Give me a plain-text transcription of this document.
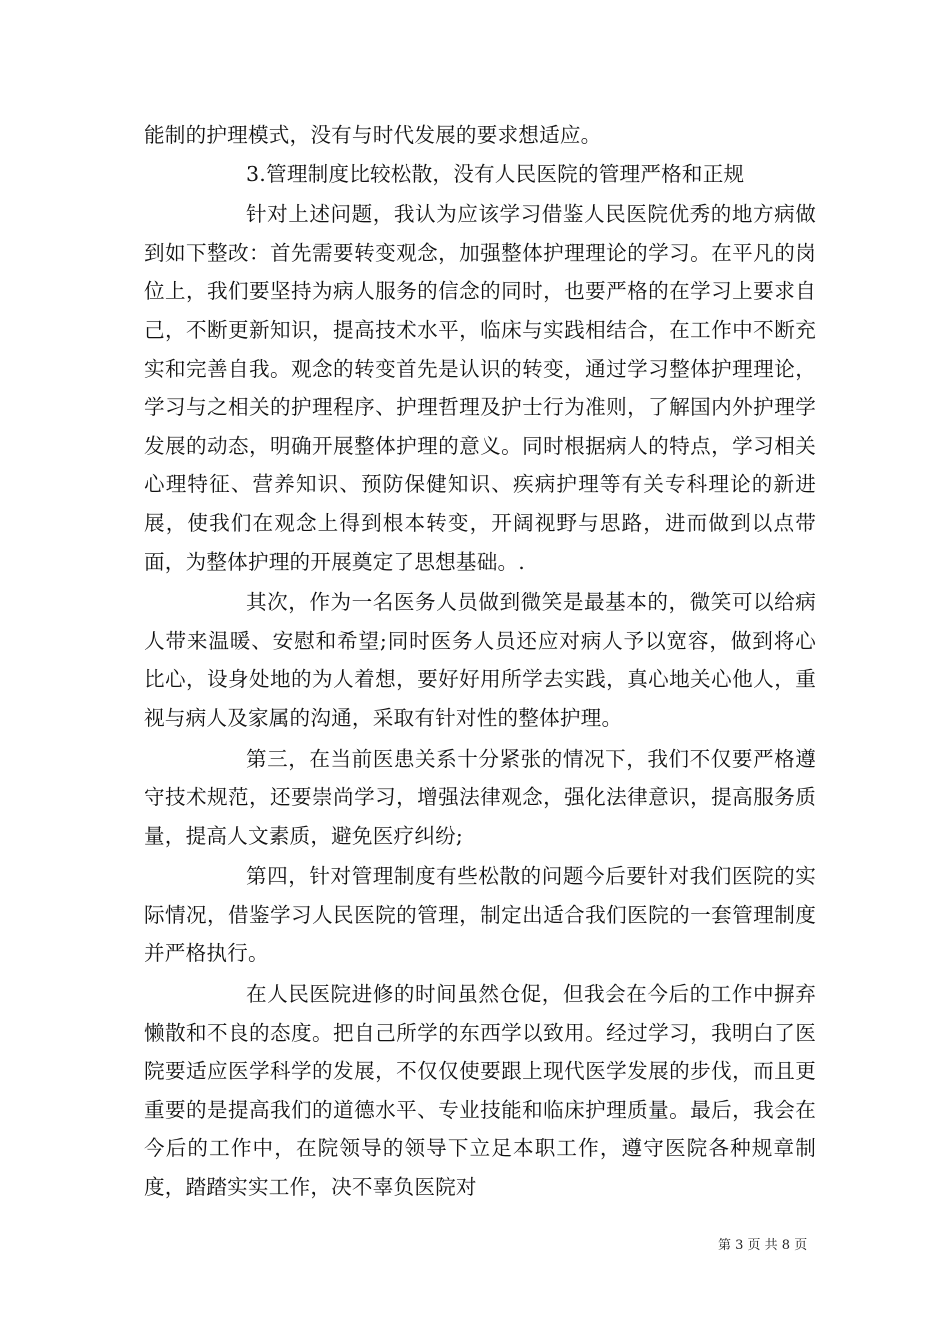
能制的护理模式，没有与时代发展的要求想适应。

3.管理制度比较松散，没有人民医院的管理严格和正规

针对上述问题，我认为应该学习借鉴人民医院优秀的地方病做到如下整改：首先需要转变观念，加强整体护理理论的学习。在平凡的岗位上，我们要坚持为病人服务的信念的同时，也要严格的在学习上要求自己，不断更新知识，提高技术水平，临床与实践相结合，在工作中不断充实和完善自我。观念的转变首先是认识的转变，通过学习整体护理理论，学习与之相关的护理程序、护理哲理及护士行为准则，了解国内外护理学发展的动态，明确开展整体护理的意义。同时根据病人的特点，学习相关心理特征、营养知识、预防保健知识、疾病护理等有关专科理论的新进展，使我们在观念上得到根本转变，开阔视野与思路，进而做到以点带面，为整体护理的开展奠定了思想基础。.

其次，作为一名医务人员做到微笑是最基本的，微笑可以给病人带来温暖、安慰和希望;同时医务人员还应对病人予以宽容，做到将心比心，设身处地的为人着想，要好好用所学去实践，真心地关心他人，重视与病人及家属的沟通，采取有针对性的整体护理。

第三，在当前医患关系十分紧张的情况下，我们不仅要严格遵守技术规范，还要崇尚学习，增强法律观念，强化法律意识，提高服务质量，提高人文素质，避免医疗纠纷;

第四，针对管理制度有些松散的问题今后要针对我们医院的实际情况，借鉴学习人民医院的管理，制定出适合我们医院的一套管理制度并严格执行。

在人民医院进修的时间虽然仓促，但我会在今后的工作中摒弃懒散和不良的态度。把自己所学的东西学以致用。经过学习，我明白了医院要适应医学科学的发展，不仅仅使要跟上现代医学发展的步伐，而且更重要的是提高我们的道德水平、专业技能和临床护理质量。最后，我会在今后的工作中，在院领导的领导下立足本职工作，遵守医院各种规章制度，踏踏实实工作，决不辜负医院对

第 3 页 共 8 页
